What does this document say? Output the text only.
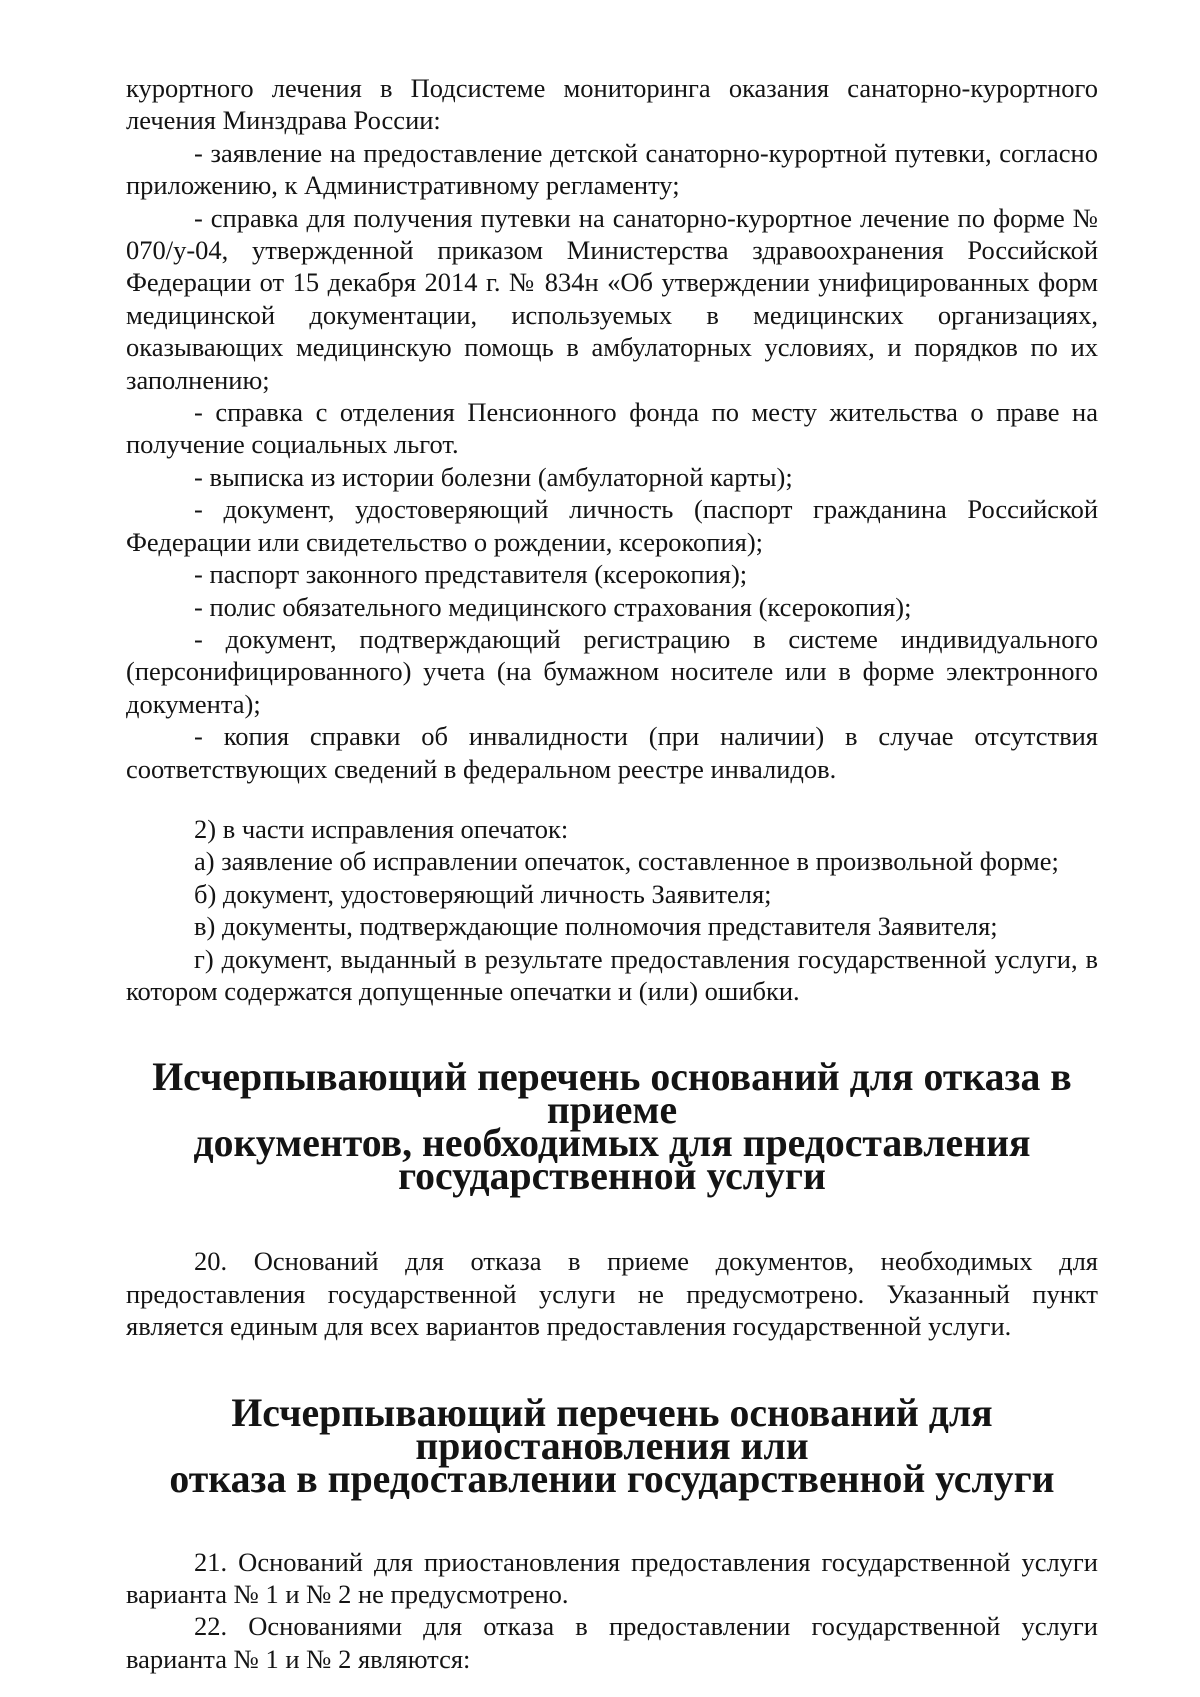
курортного лечения в Подсистеме мониторинга оказания санаторно-курортного лечения Минздрава России:

- заявление на предоставление детской санаторно-курортной путевки, согласно приложению, к Административному регламенту;

- справка для получения путевки на санаторно-курортное лечение по форме № 070/у-04, утвержденной приказом Министерства здравоохранения Российской Федерации от 15 декабря 2014 г. № 834н «Об утверждении унифицированных форм медицинской документации, используемых в медицинских организациях, оказывающих медицинскую помощь в амбулаторных условиях, и порядков по их заполнению;

- справка с отделения Пенсионного фонда по месту жительства о праве на получение социальных льгот.

- выписка из истории болезни (амбулаторной карты);

- документ, удостоверяющий личность (паспорт гражданина Российской Федерации или свидетельство о рождении, ксерокопия);

- паспорт законного представителя (ксерокопия);

- полис обязательного медицинского страхования (ксерокопия);

- документ, подтверждающий регистрацию в системе индивидуального (персонифицированного) учета (на бумажном носителе или в форме электронного документа);

- копия справки об инвалидности (при наличии) в случае отсутствия соответствующих сведений в федеральном реестре инвалидов.

2) в части исправления опечаток:

а) заявление об исправлении опечаток, составленное в произвольной форме;

б) документ, удостоверяющий личность Заявителя;

в) документы, подтверждающие полномочия представителя Заявителя;

г) документ, выданный в результате предоставления государственной услуги, в котором содержатся допущенные опечатки и (или) ошибки.

Исчерпывающий перечень оснований для отказа в приеме
документов, необходимых для предоставления государственной услуги

20. Оснований для отказа в приеме документов, необходимых для предоставления государственной услуги не предусмотрено. Указанный пункт является единым для всех вариантов предоставления государственной услуги.

Исчерпывающий перечень оснований для приостановления или
отказа в предоставлении государственной услуги

21. Оснований для приостановления предоставления государственной услуги варианта № 1 и № 2 не предусмотрено.

22. Основаниями для отказа в предоставлении государственной услуги варианта № 1 и № 2 являются:
